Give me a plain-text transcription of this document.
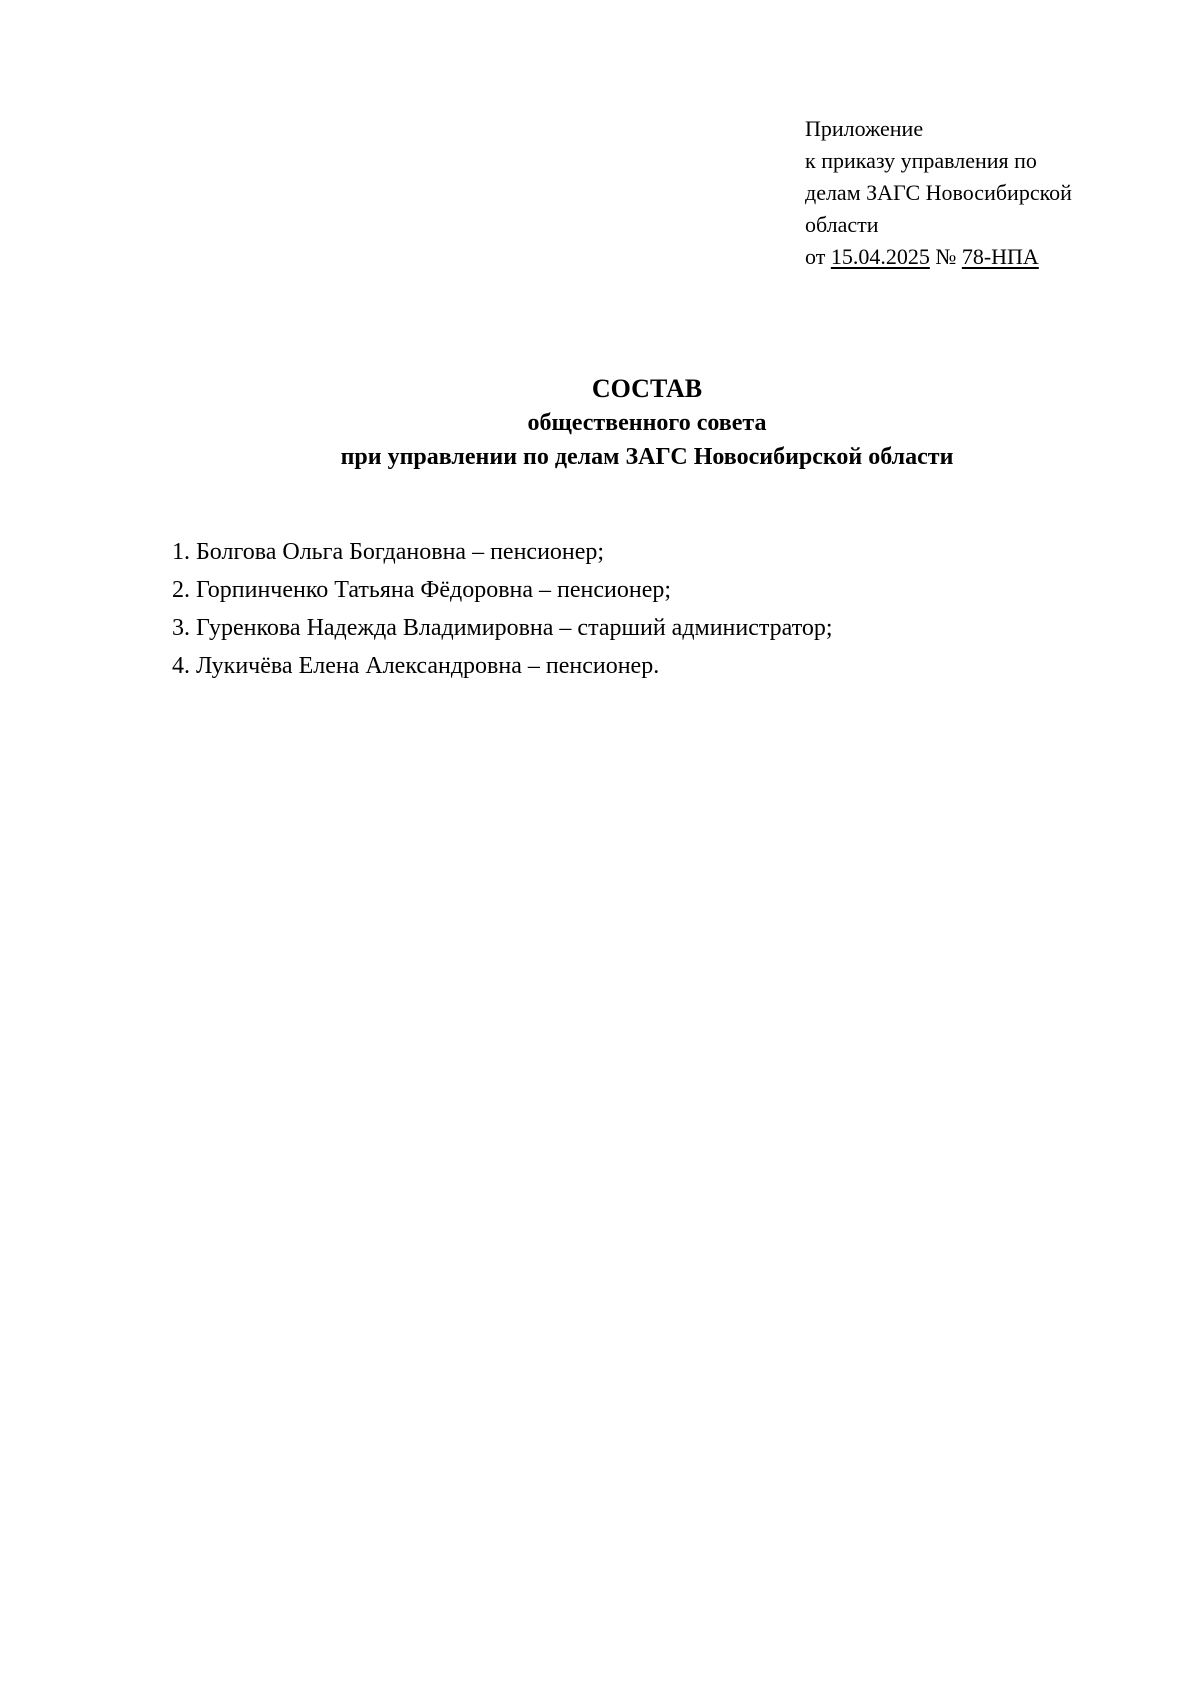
Приложение
к приказу управления по
делам ЗАГС Новосибирской
области
от 15.04.2025 № 78-НПА
СОСТАВ
общественного совета
при управлении по делам ЗАГС Новосибирской области
1. Болгова Ольга Богдановна – пенсионер;
2. Горпинченко Татьяна Фёдоровна – пенсионер;
3. Гуренкова Надежда Владимировна – старший администратор;
4. Лукичёва Елена Александровна – пенсионер.
